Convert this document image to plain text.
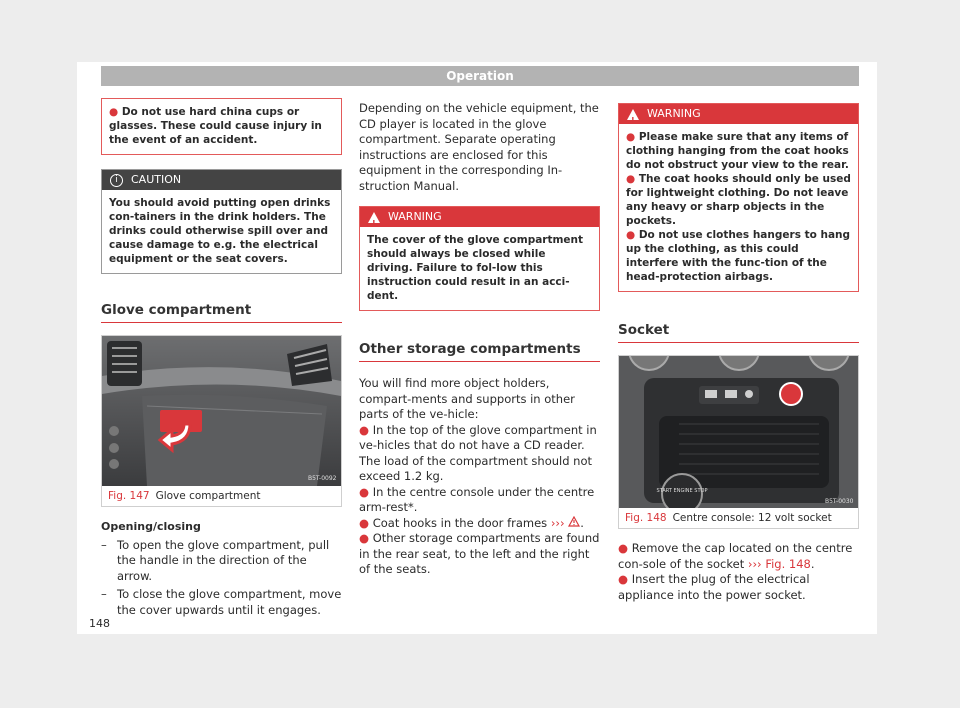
Operation
● Do not use hard china cups or glasses. These could cause injury in the event of an accident.
i	CAUTION
You should avoid putting open drinks con-tainers in the drink holders. The drinks could otherwise spill over and cause damage to e.g. the electrical equipment or the seat covers.
Glove compartment
B5T-0092
Fig. 147 Glove compartment
Opening/closing
– To open the glove compartment, pull the handle in the direction of the arrow.
– To close the glove compartment, move the cover upwards until it engages.
Depending on the vehicle equipment, the CD player is located in the glove compartment. Separate operating instructions are enclosed for this equipment in the corresponding In-struction Manual.
!
WARNING
The cover of the glove compartment should always be closed while driving. Failure to fol-low this instruction could result in an acci-dent.
Other storage compartments
You will find more object holders, compart-ments and supports in other parts of the ve-hicle:
● In the top of the glove compartment in ve-hicles that do not have a CD reader. The load of the compartment should not exceed 1.2 kg.
● In the centre console under the centre arm-rest*.
● Coat hooks in the door frames ››› .
● Other storage compartments are found in the rear seat, to the left and the right of the seats.
!
WARNING
● Please make sure that any items of clothing hanging from the coat hooks do not obstruct your view to the rear.
● The coat hooks should only be used for lightweight clothing. Do not leave any heavy or sharp objects in the pockets.
● Do not use clothes hangers to hang up the clothing, as this could interfere with the func-tion of the head-protection airbags.
Socket
START ENGINE STOP
B5T-0030
Fig. 148 Centre console: 12 volt socket
● Remove the cap located on the centre con-sole of the socket ››› Fig. 148.
● Insert the plug of the electrical appliance into the power socket.
148
